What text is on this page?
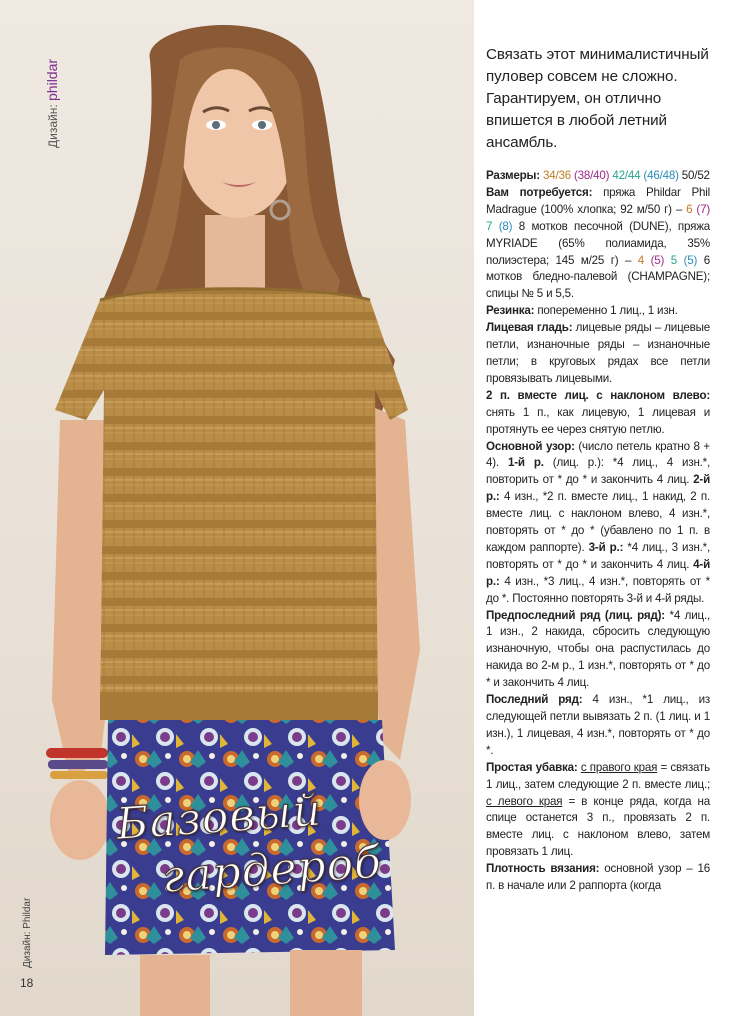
Базовый
гардероб
Дизайн: phildar
Дизайн: Phildar
18

Связать этот минималистичный пуловер совсем не сложно. Гарантируем, он отлично впишется в любой летний ансамбль.

Размеры: 34/36 (38/40) 42/44 (46/48) 50/52

Вам потребуется: пряжа Phildar Phil Madrague (100% хлопка; 92 м/50 г) – 6 (7) 7 (8) 8 мотков песочной (DUNE), пряжа MYRIADE (65% полиамида, 35% полиэстера; 145 м/25 г) – 4 (5) 5 (5) 6 мотков бледно-палевой (CHAMPAGNE); спицы № 5 и 5,5.

Резинка: попеременно 1 лиц., 1 изн.

Лицевая гладь: лицевые ряды – лицевые петли, изнаночные ряды – изнаночные петли; в круговых рядах все петли провязывать лицевыми.

2 п. вместе лиц. с наклоном влево: снять 1 п., как лицевую, 1 лицевая и протянуть ее через снятую петлю.

Основной узор: (число петель кратно 8 + 4). 1-й р. (лиц. р.): *4 лиц., 4 изн.*, повторить от * до * и закончить 4 лиц. 2-й р.: 4 изн., *2 п. вместе лиц., 1 накид, 2 п. вместе лиц. с наклоном влево, 4 изн.*, повторять от * до * (убавлено по 1 п. в каждом раппорте). 3-й р.: *4 лиц., 3 изн.*, повторять от * до * и закончить 4 лиц. 4-й р.: 4 изн., *3 лиц., 4 изн.*, повторять от * до *. Постоянно повторять 3-й и 4-й ряды.

Предпоследний ряд (лиц. ряд): *4 лиц., 1 изн., 2 накида, сбросить следующую изнаночную, чтобы она распустилась до накида во 2-м р., 1 изн.*, повторять от * до * и закончить 4 лиц.

Последний ряд: 4 изн., *1 лиц., из следующей петли вывязать 2 п. (1 лиц. и 1 изн.), 1 лицевая, 4 изн.*, повторять от * до *.

Простая убавка: с правого края = связать 1 лиц., затем следующие 2 п. вместе лиц.; с левого края = в конце ряда, когда на спице останется 3 п., провязать 2 п. вместе лиц. с наклоном влево, затем провязать 1 лиц.

Плотность вязания: основной узор – 16 п. в начале или 2 раппорта (когда
